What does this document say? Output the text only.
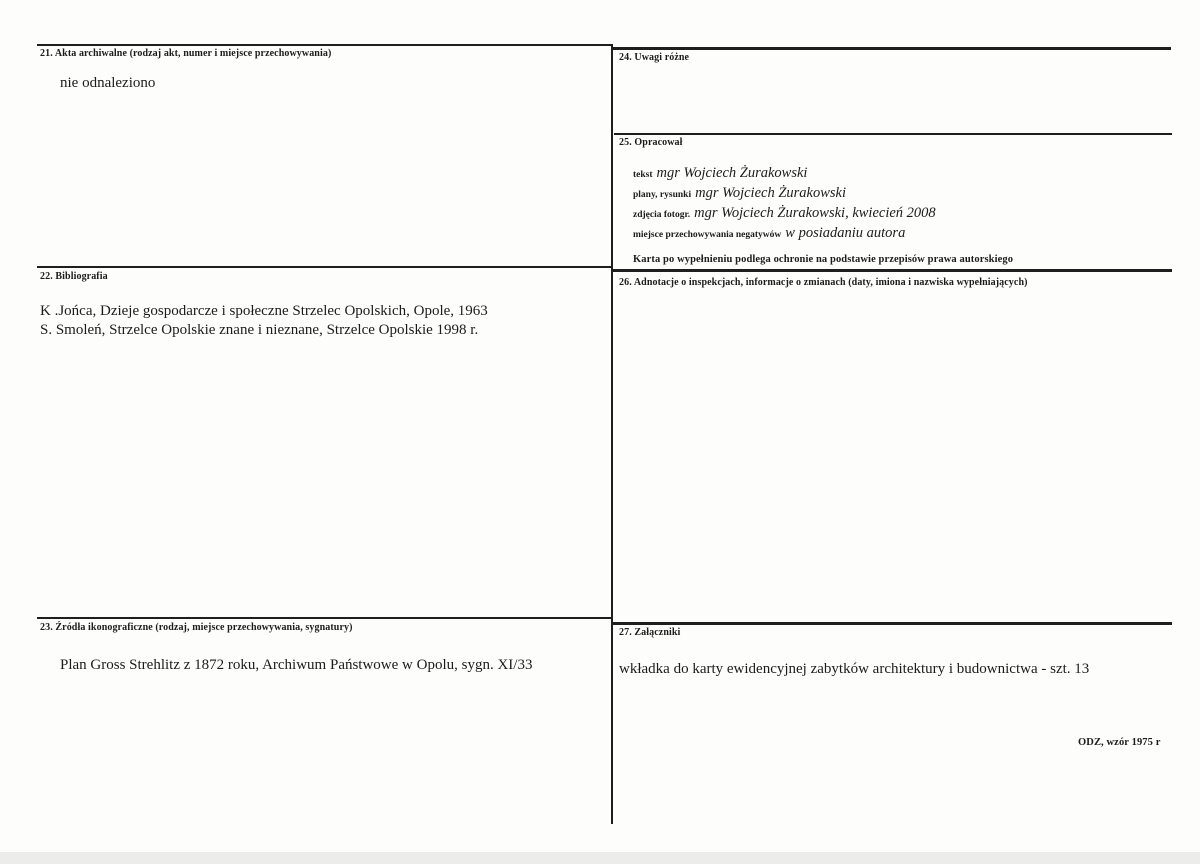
21. Akta archiwalne (rodzaj akt, numer i miejsce przechowywania)
nie odnaleziono
24. Uwagi różne
25. Opracował
tekst mgr Wojciech Żurakowski
plany, rysunki mgr Wojciech Żurakowski
zdjęcia fotogr. mgr Wojciech Żurakowski, kwiecień 2008
miejsce przechowywania negatywów w posiadaniu autora
Karta po wypełnieniu podlega ochronie na podstawie przepisów prawa autorskiego
22. Bibliografia
K .Jońca, Dzieje gospodarcze i społeczne Strzelec Opolskich, Opole, 1963
S. Smoleń, Strzelce Opolskie znane i nieznane, Strzelce Opolskie 1998 r.
26. Adnotacje o inspekcjach, informacje o zmianach (daty, imiona i nazwiska wypełniających)
23. Źródła ikonograficzne (rodzaj, miejsce przechowywania, sygnatury)
Plan Gross Strehlitz z 1872 roku, Archiwum Państwowe w Opolu, sygn. XI/33
27. Załączniki
wkładka do karty ewidencyjnej zabytków architektury i budownictwa - szt. 13
ODZ, wzór 1975 r
